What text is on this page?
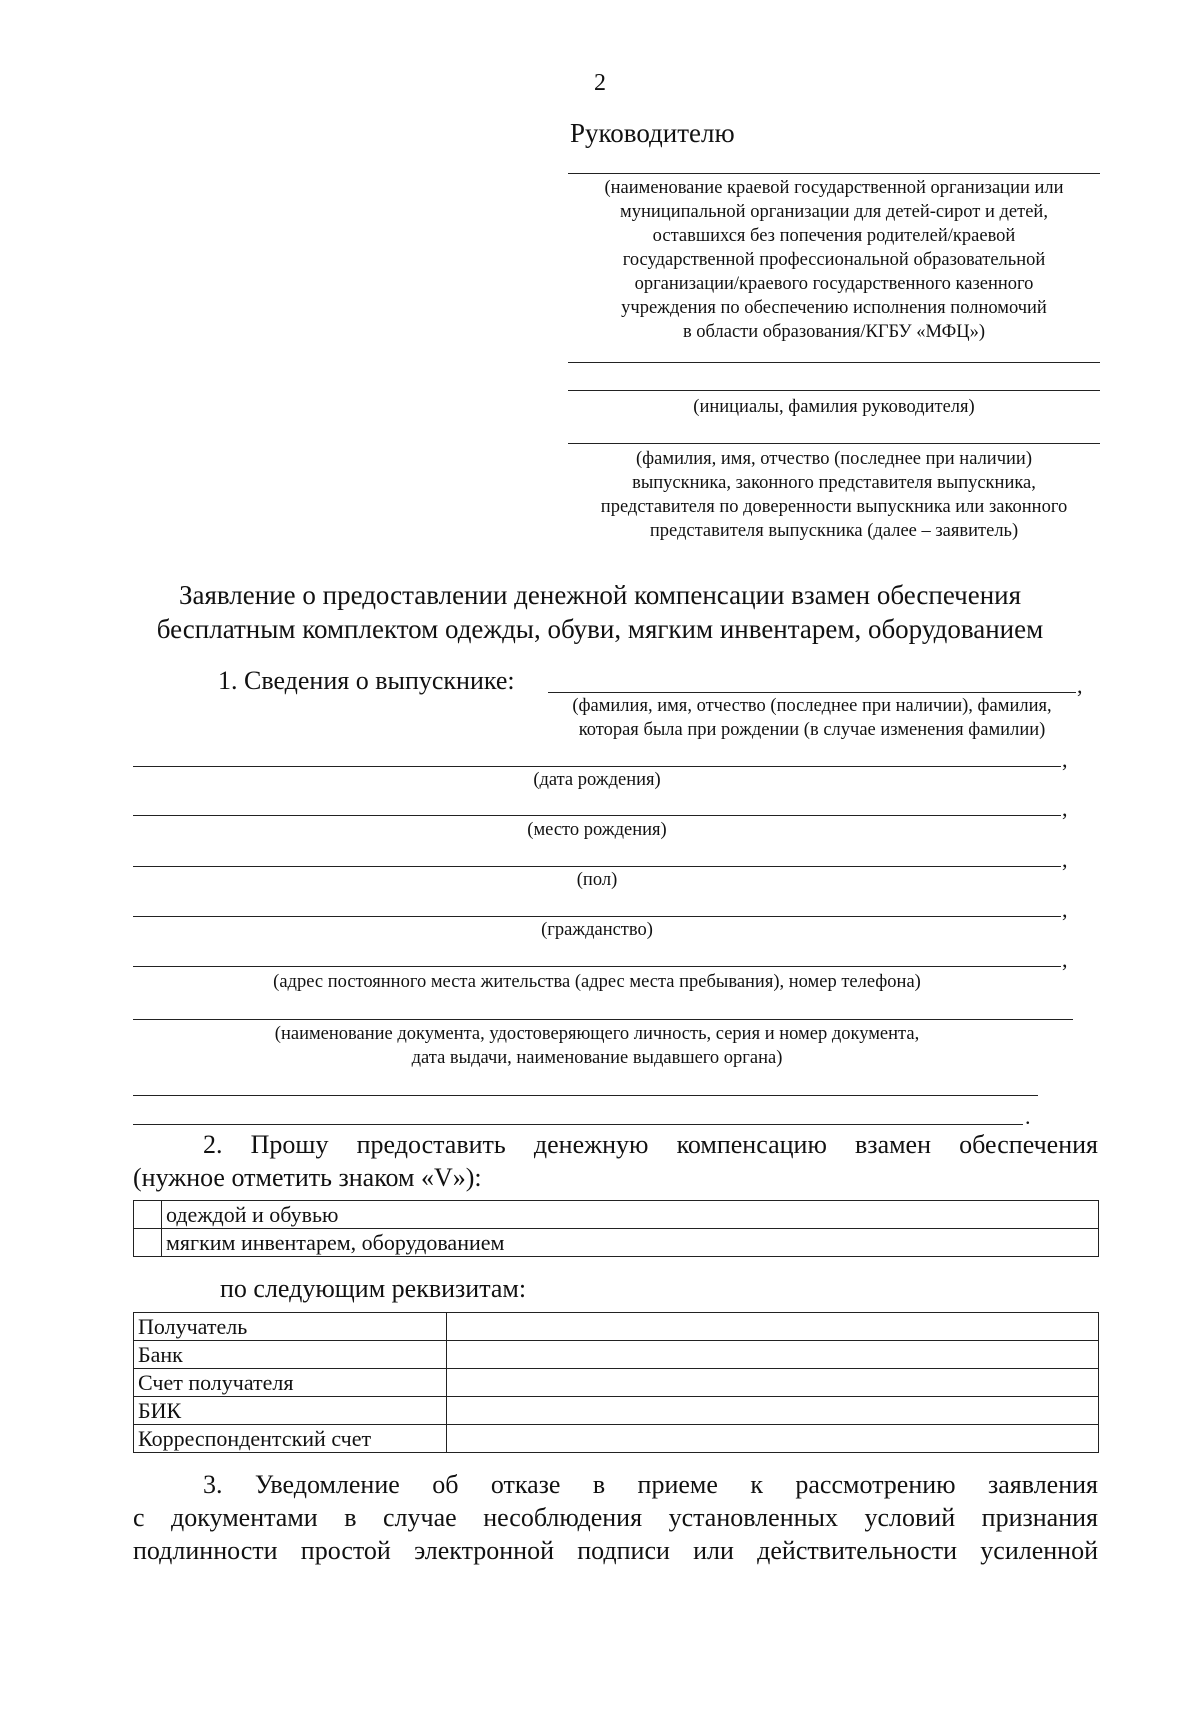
2
Руководителю
(наименование краевой государственной организации или
муниципальной организации для детей-сирот и детей,
оставшихся без попечения родителей/краевой
государственной профессиональной образовательной
организации/краевого государственного казенного
учреждения по обеспечению исполнения полномочий
в области образования/КГБУ «МФЦ»)
(инициалы, фамилия руководителя)
(фамилия, имя, отчество (последнее при наличии)
выпускника, законного представителя выпускника,
представителя по доверенности выпускника или законного
представителя выпускника (далее – заявитель)
Заявление о предоставлении денежной компенсации взамен обеспечения
бесплатным комплектом одежды, обуви, мягким инвентарем, оборудованием
1. Сведения о выпускнике:	,
(фамилия, имя, отчество (последнее при наличии), фамилия,
которая была при рождении (в случае изменения фамилии)
,
(дата рождения)
,
(место рождения)
,
(пол)
,
(гражданство)
,
(адрес постоянного места жительства (адрес места пребывания), номер телефона)
(наименование документа, удостоверяющего личность, серия и номер документа,
дата выдачи, наименование выдавшего органа)
.
2. Прошу предоставить денежную компенсацию взамен обеспечения
(нужное отметить знаком «V»):
	одеждой и обувью
	мягким инвентарем, оборудованием
по следующим реквизитам:
Получатель	
Банк	
Счет получателя	
БИК	
Корреспондентский счет	
3. Уведомление об отказе в приеме к рассмотрению заявления
с документами в случае несоблюдения установленных условий признания
подлинности простой электронной подписи или действительности усиленной
